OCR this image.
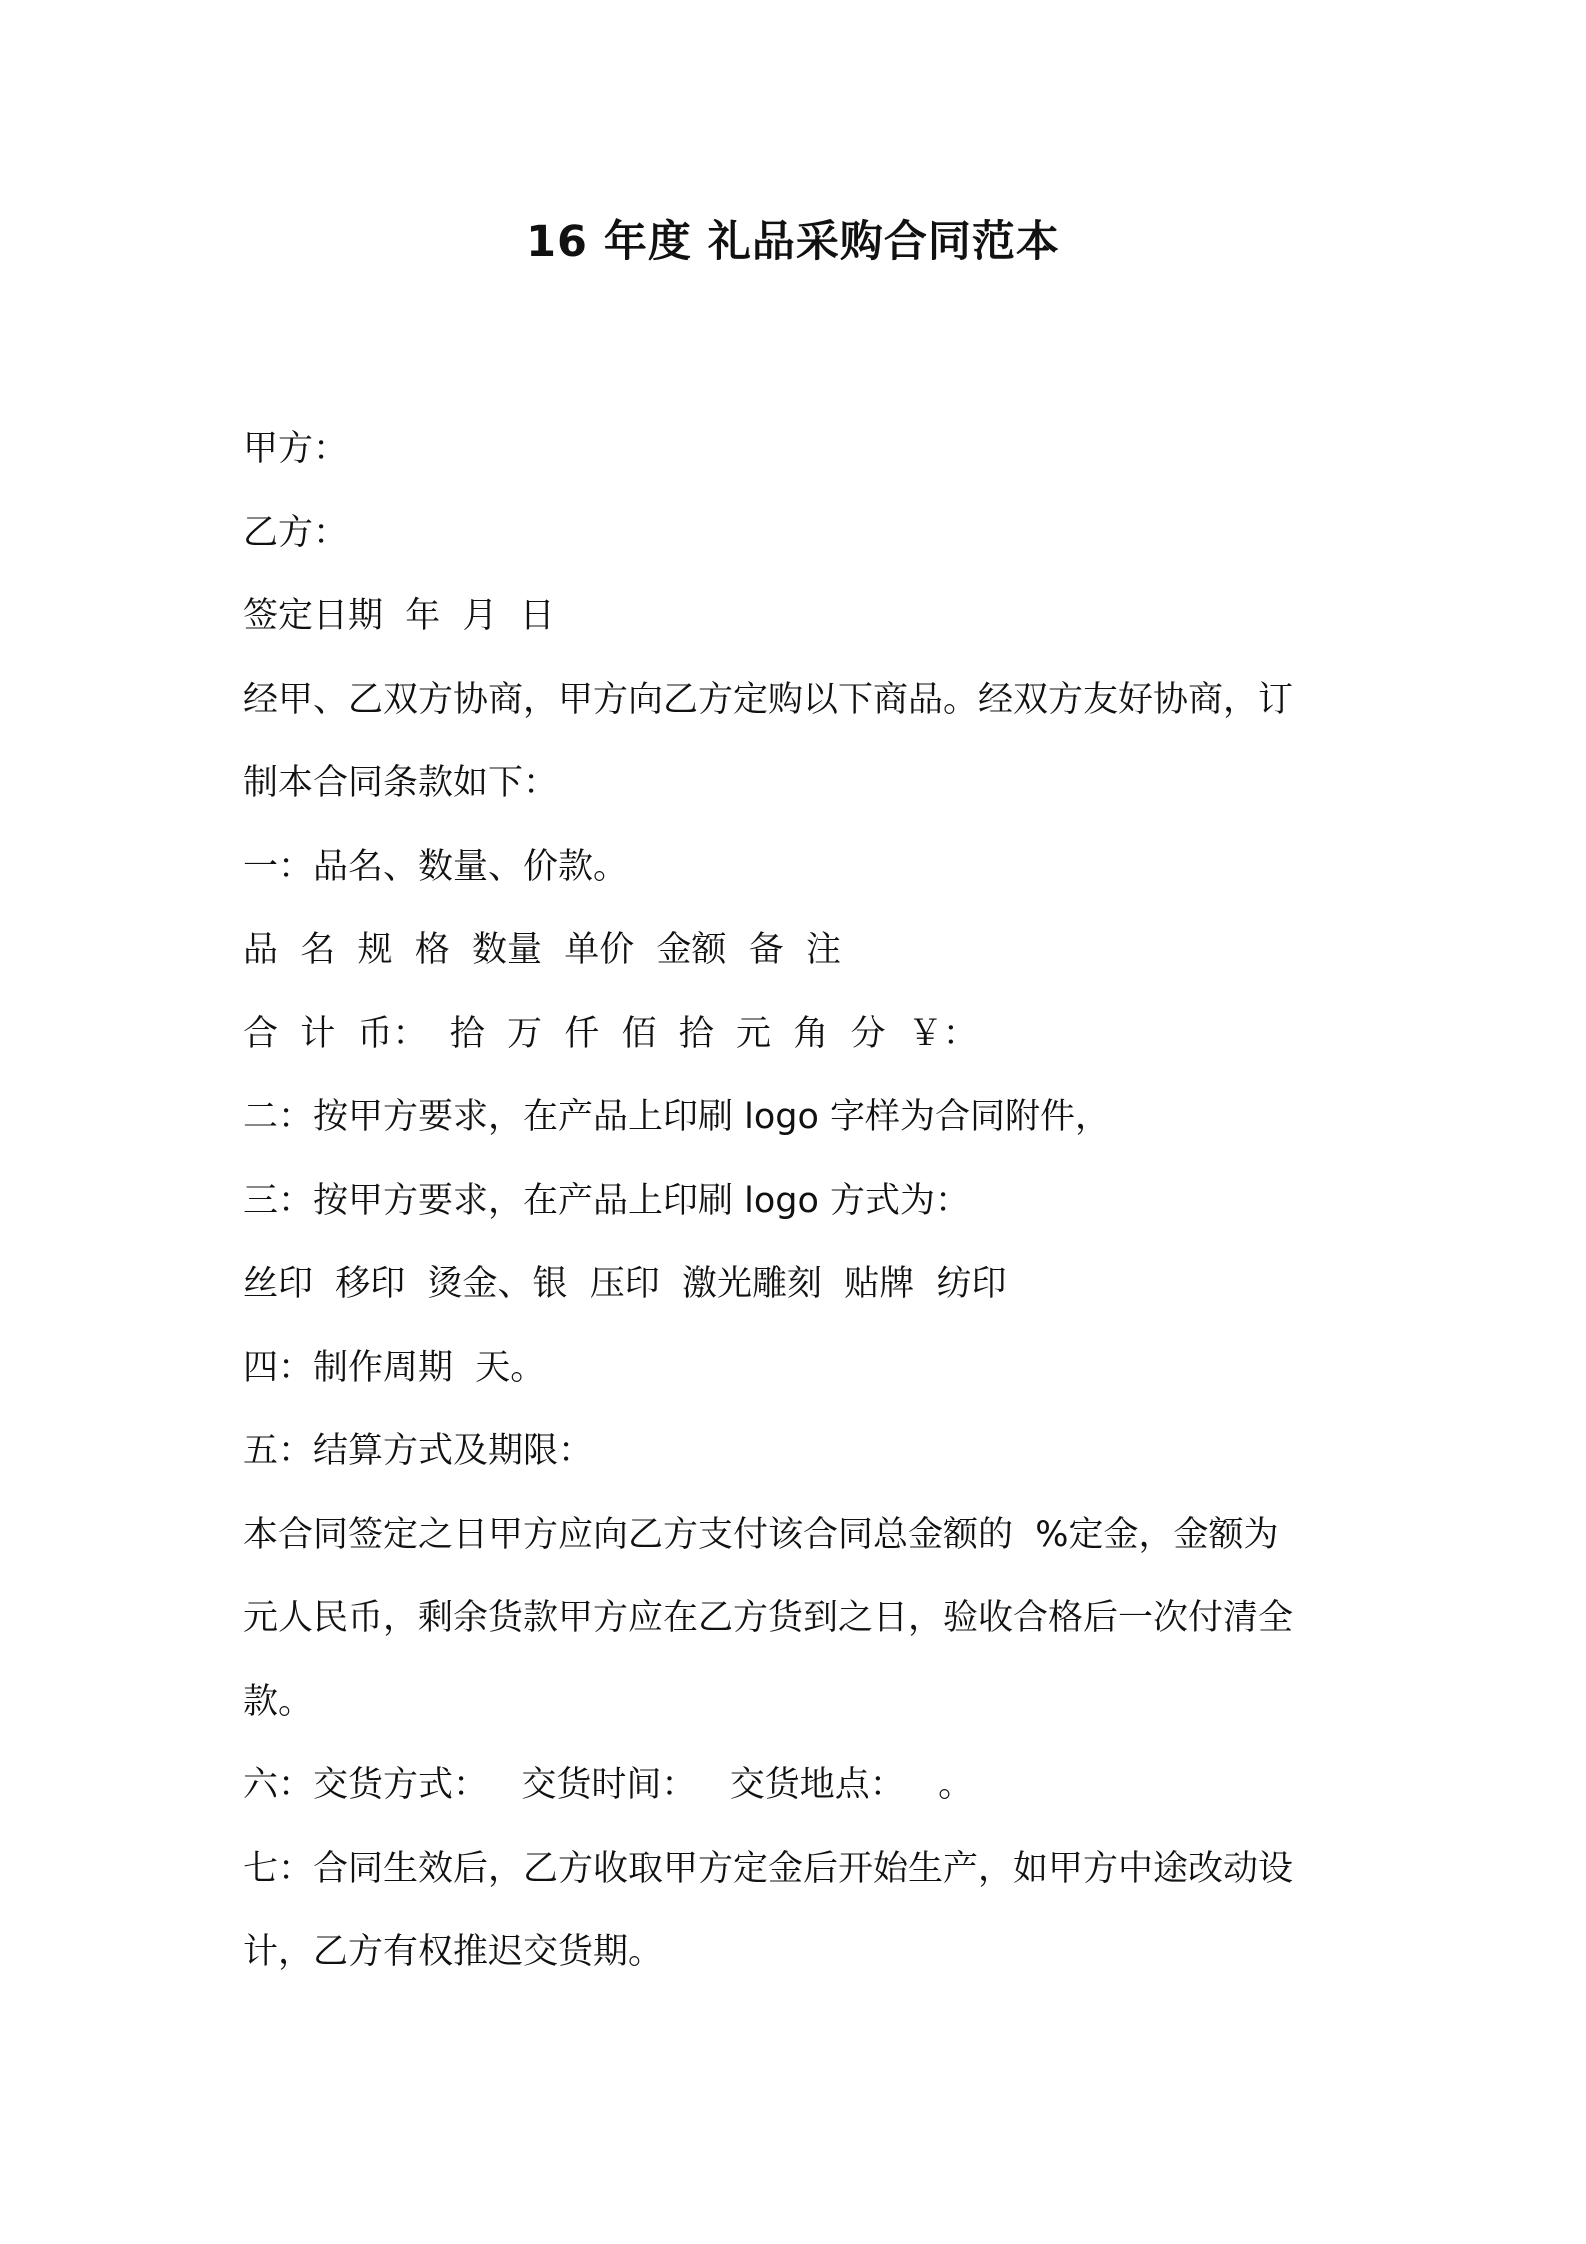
16 年度 礼品采购合同范本
甲方：
乙方：
签定日期  年  月  日
经甲、乙双方协商，甲方向乙方定购以下商品。经双方友好协商，订
制本合同条款如下：
一：品名、数量、价款。
品  名  规  格  数量  单价  金额  备  注
合  计  币：  拾  万  仟  佰  拾  元  角  分  ￥：
二：按甲方要求，在产品上印刷 logo 字样为合同附件，
三：按甲方要求，在产品上印刷 logo 方式为：
丝印  移印  烫金、银  压印  激光雕刻  贴牌  纺印
四：制作周期  天。
五：结算方式及期限：
本合同签定之日甲方应向乙方支付该合同总金额的  %定金，金额为
元人民币，剩余货款甲方应在乙方货到之日，验收合格后一次付清全
款。
六：交货方式：   交货时间：   交货地点：   。
七：合同生效后，乙方收取甲方定金后开始生产，如甲方中途改动设
计，乙方有权推迟交货期。
